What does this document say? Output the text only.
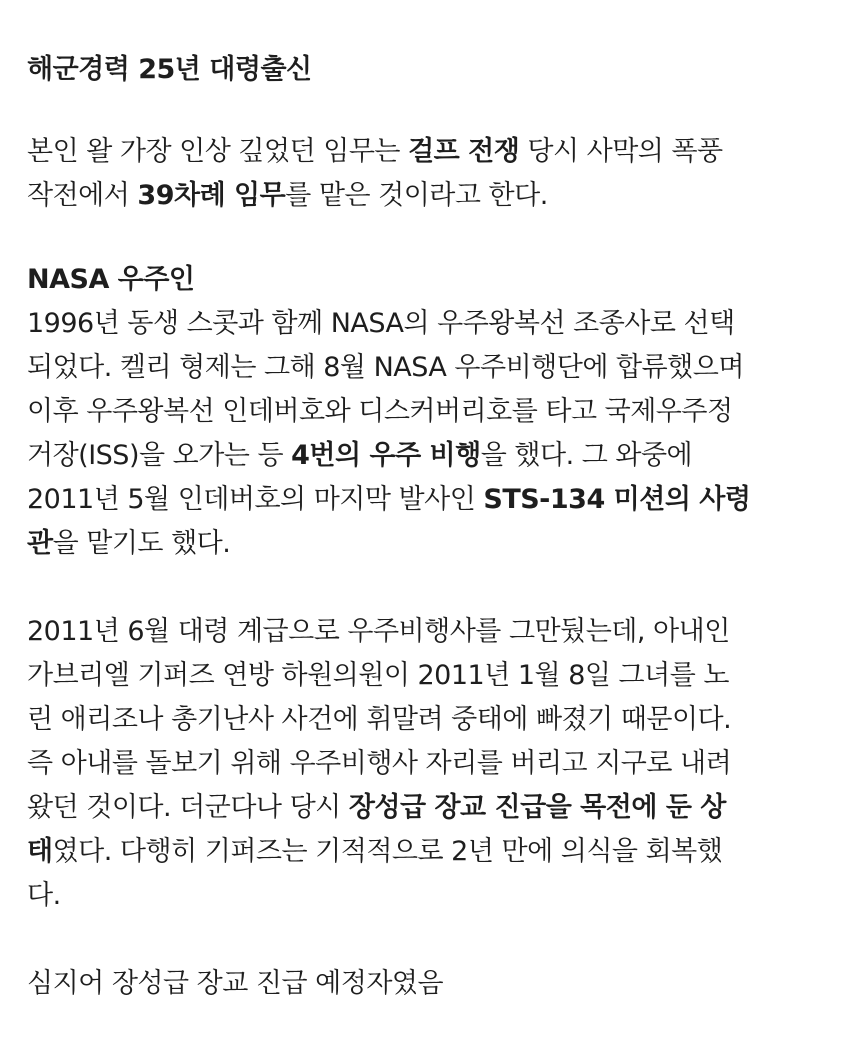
해군경력 25년 대령출신

본인 왈 가장 인상 깊었던 임무는 걸프 전쟁 당시 사막의 폭풍
작전에서 39차례 임무를 맡은 것이라고 한다.

NASA 우주인

1996년 동생 스콧과 함께 NASA의 우주왕복선 조종사로 선택
되었다. 켈리 형제는 그해 8월 NASA 우주비행단에 합류했으며
이후 우주왕복선 인데버호와 디스커버리호를 타고 국제우주정
거장(ISS)을 오가는 등 4번의 우주 비행을 했다. 그 와중에
2011년 5월 인데버호의 마지막 발사인 STS-134 미션의 사령
관을 맡기도 했다.

2011년 6월 대령 계급으로 우주비행사를 그만뒀는데, 아내인
가브리엘 기퍼즈 연방 하원의원이 2011년 1월 8일 그녀를 노
린 애리조나 총기난사 사건에 휘말려 중태에 빠졌기 때문이다.
즉 아내를 돌보기 위해 우주비행사 자리를 버리고 지구로 내려
왔던 것이다. 더군다나 당시 장성급 장교 진급을 목전에 둔 상
태였다. 다행히 기퍼즈는 기적적으로 2년 만에 의식을 회복했
다.

심지어 장성급 장교 진급 예정자였음
